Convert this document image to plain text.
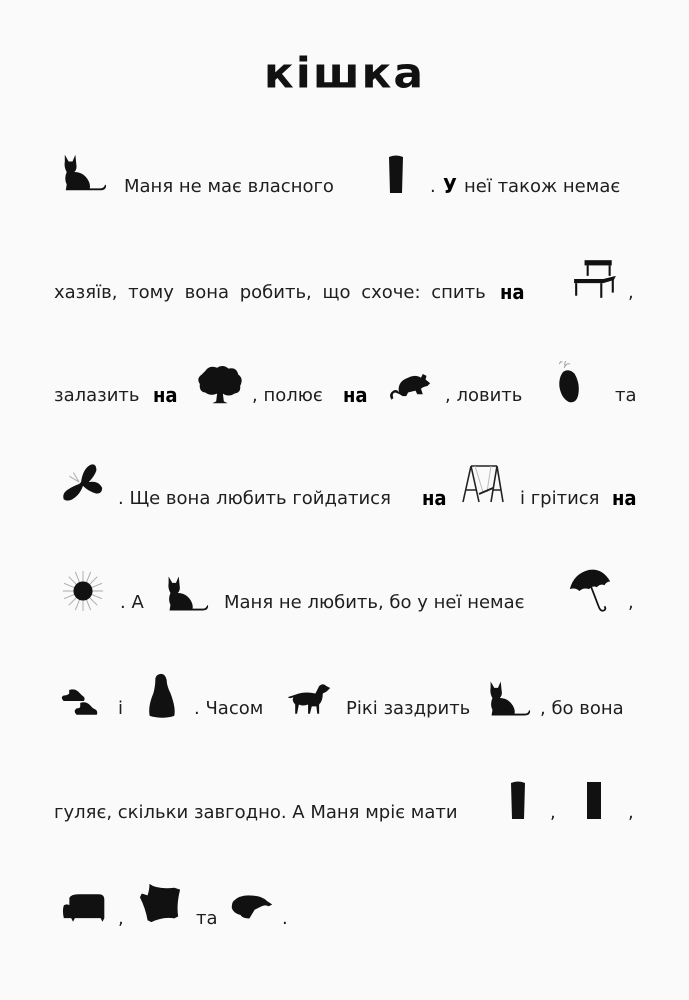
кішка
Маня не має власного	. У неї також немає
хазяїв, тому вона робить, що схоче: спить на	,
залазить на	, полює на	, ловить	та
. Ще вона любить гойдатися на	і грітися на
. А	Маня не любить, бо у неї немає	,
і	. Часом	Рікі заздрить	, бо вона
гуляє, скільки завгодно. А Маня мріє мати	,	,
,	та	.
